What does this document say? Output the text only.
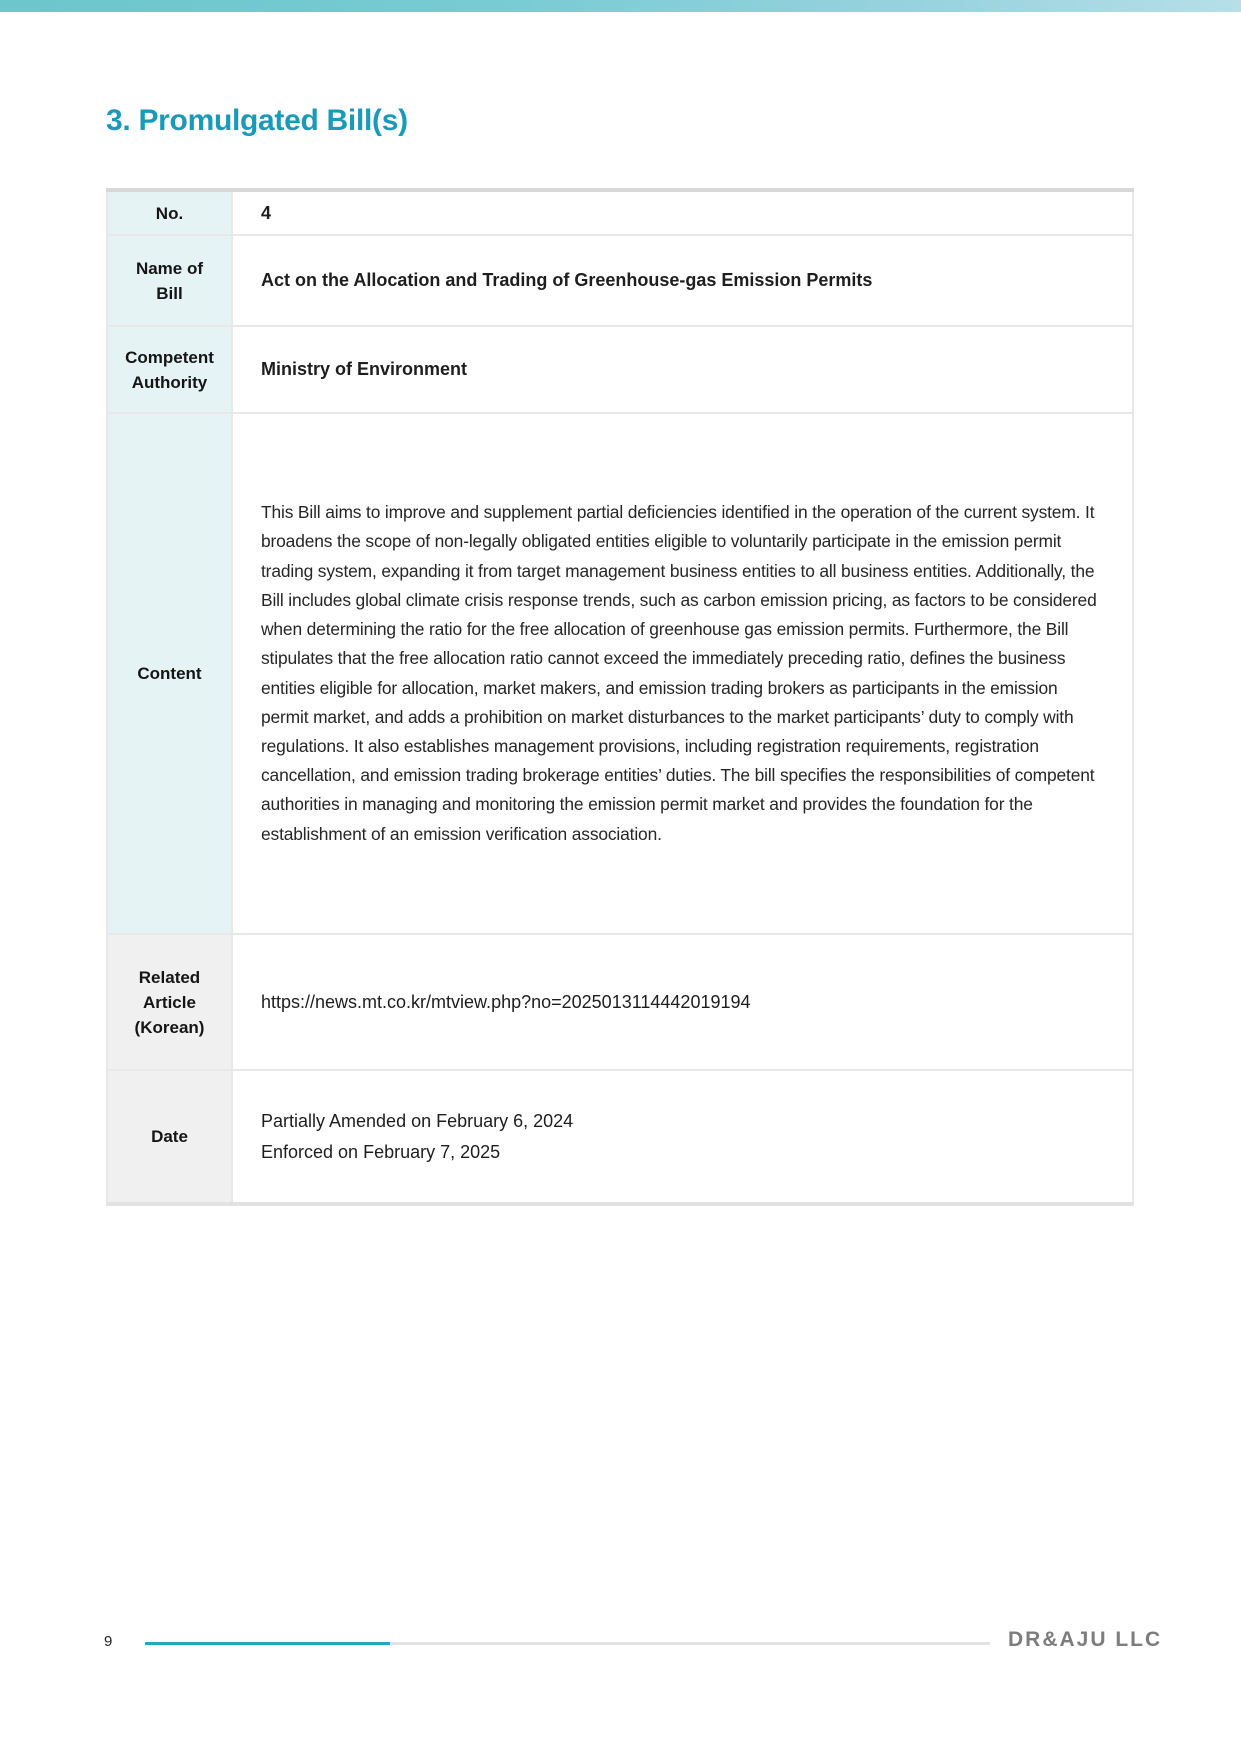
3. Promulgated Bill(s)
No.	4
Name of Bill	Act on the Allocation and Trading of Greenhouse-gas Emission Permits
Competent Authority	Ministry of Environment
Content	This Bill aims to improve and supplement partial deficiencies identified in the operation of the current system. It broadens the scope of non-legally obligated entities eligible to voluntarily participate in the emission permit trading system, expanding it from target management business entities to all business entities. Additionally, the Bill includes global climate crisis response trends, such as carbon emission pricing, as factors to be considered when determining the ratio for the free allocation of greenhouse gas emission permits. Furthermore, the Bill stipulates that the free allocation ratio cannot exceed the immediately preceding ratio, defines the business entities eligible for allocation, market makers, and emission trading brokers as participants in the emission permit market, and adds a prohibition on market disturbances to the market participants’ duty to comply with regulations. It also establishes management provisions, including registration requirements, registration cancellation, and emission trading brokerage entities’ duties. The bill specifies the responsibilities of competent authorities in managing and monitoring the emission permit market and provides the foundation for the establishment of an emission verification association.

Related Article (Korean)	https://news.mt.co.kr/mtview.php?no=2025013114442019194
Date	Partially Amended on February 6, 2024
Enforced on February 7, 2025
9	DR&AJU LLC
